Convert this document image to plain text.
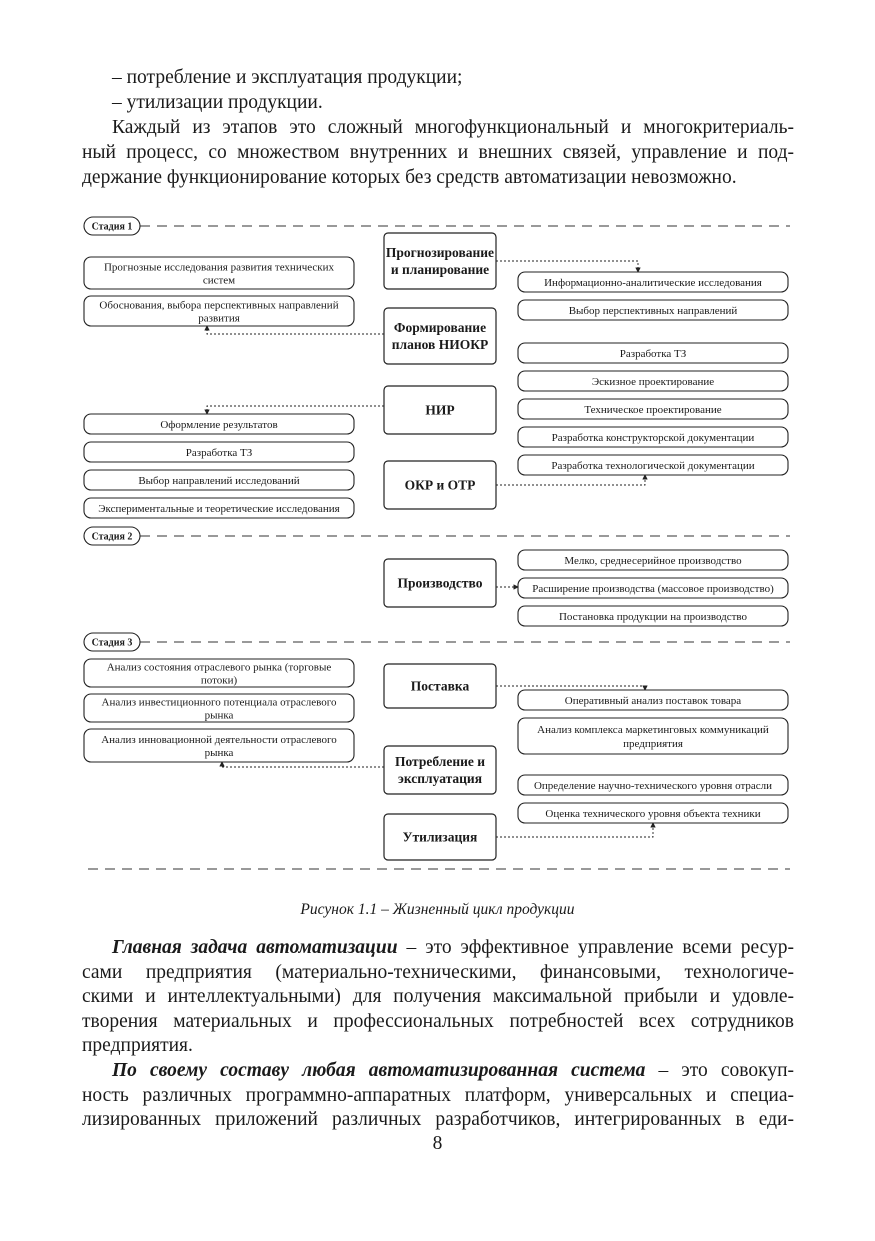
– потребление и эксплуатация продукции;
– утилизации продукции.
Каждый из этапов это сложный многофункциональный и многокритериаль-
ный процесс, со множеством внутренних и внешних связей, управление и под-
держание функционирование которых без средств автоматизации невозможно.
Стадия 1
Стадия 2
Стадия 3
Прогнозирование
и планирование
Формирование
планов НИОКР
НИР
ОКР и ОТР
Производство
Поставка
Потребление и
эксплуатация
Утилизация
Прогнозные исследования развития технических
систем
Обоснования, выбора перспективных направлений
развития
Оформление результатов
Разработка ТЗ
Выбор направлений исследований
Экспериментальные и теоретические исследования
Анализ состояния отраслевого рынка (торговые
потоки)
Анализ инвестиционного потенциала отраслевого
рынка
Анализ инновационной деятельности отраслевого
рынка
Информационно-аналитические исследования
Выбор перспективных направлений
Разработка ТЗ
Эскизное проектирование
Техническое проектирование
Разработка конструкторской документации
Разработка технологической документации
Мелко, среднесерийное производство
Расширение производства (массовое производство)
Постановка продукции на производство
Оперативный анализ поставок товара
Анализ комплекса маркетинговых коммуникаций
предприятия
Определение научно-технического уровня отрасли
Оценка технического уровня объекта техники
Рисунок 1.1 – Жизненный цикл продукции
Главная задача автоматизации – это эффективное управление всеми ресур-
сами предприятия (материально-техническими, финансовыми, технологиче-
скими и интеллектуальными) для получения максимальной прибыли и удовле-
творения материальных и профессиональных потребностей всех сотрудников
предприятия.
По своему составу любая автоматизированная система – это совокуп-
ность различных программно-аппаратных платформ, универсальных и специа-
лизированных приложений различных разработчиков, интегрированных в еди-
8
